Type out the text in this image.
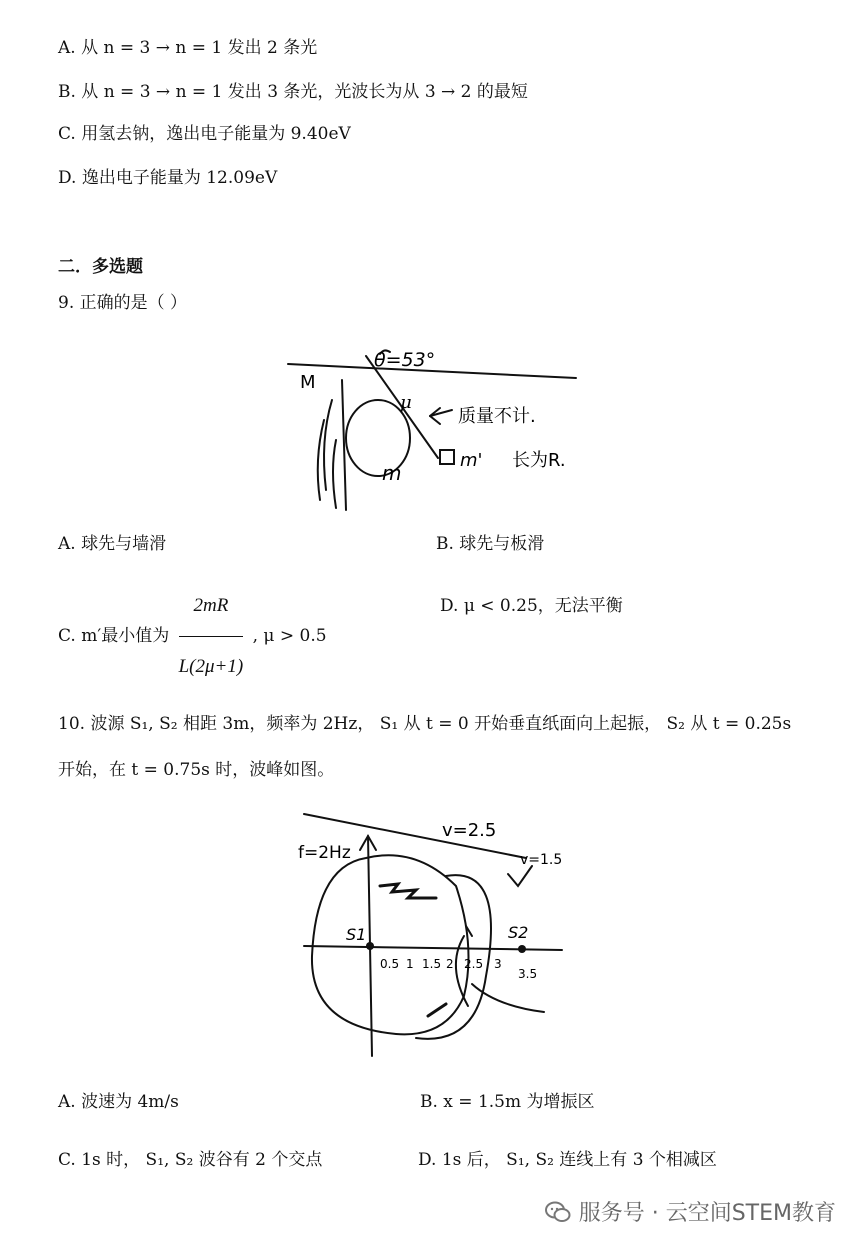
A. 从 n = 3 → n = 1 发出 2 条光
B. 从 n = 3 → n = 1 发出 3 条光，光波长为从 3 → 2 的最短
C. 用氢去钠，逸出电子能量为 9.40eV
D. 逸出电子能量为 12.09eV
二．多选题
9. 正确的是（ ）
θ=53°
M
μ
m
m'
质量不计.
长为R.
A. 球先与墙滑	B. 球先与板滑
C. m′最小值为 $\frac{2mR}{L(2\mu+1)}$ , μ > 0.5
D. μ < 0.25，无法平衡
10. 波源 S₁, S₂ 相距 3m，频率为 2Hz， S₁ 从 t = 0 开始垂直纸面向上起振， S₂ 从 t = 0.25s
开始，在 t = 0.75s 时，波峰如图。
v=2.5
f=2Hz	v=1.5
S1	S2
0.5 1 1.5 2 2.5 3
3.5
A. 波速为 4m/s	B. x = 1.5m 为增振区
C. 1s 时， S₁, S₂ 波谷有 2 个交点	D. 1s 后， S₁, S₂ 连线上有 3 个相减区
服务号 · 云空间STEM教育
